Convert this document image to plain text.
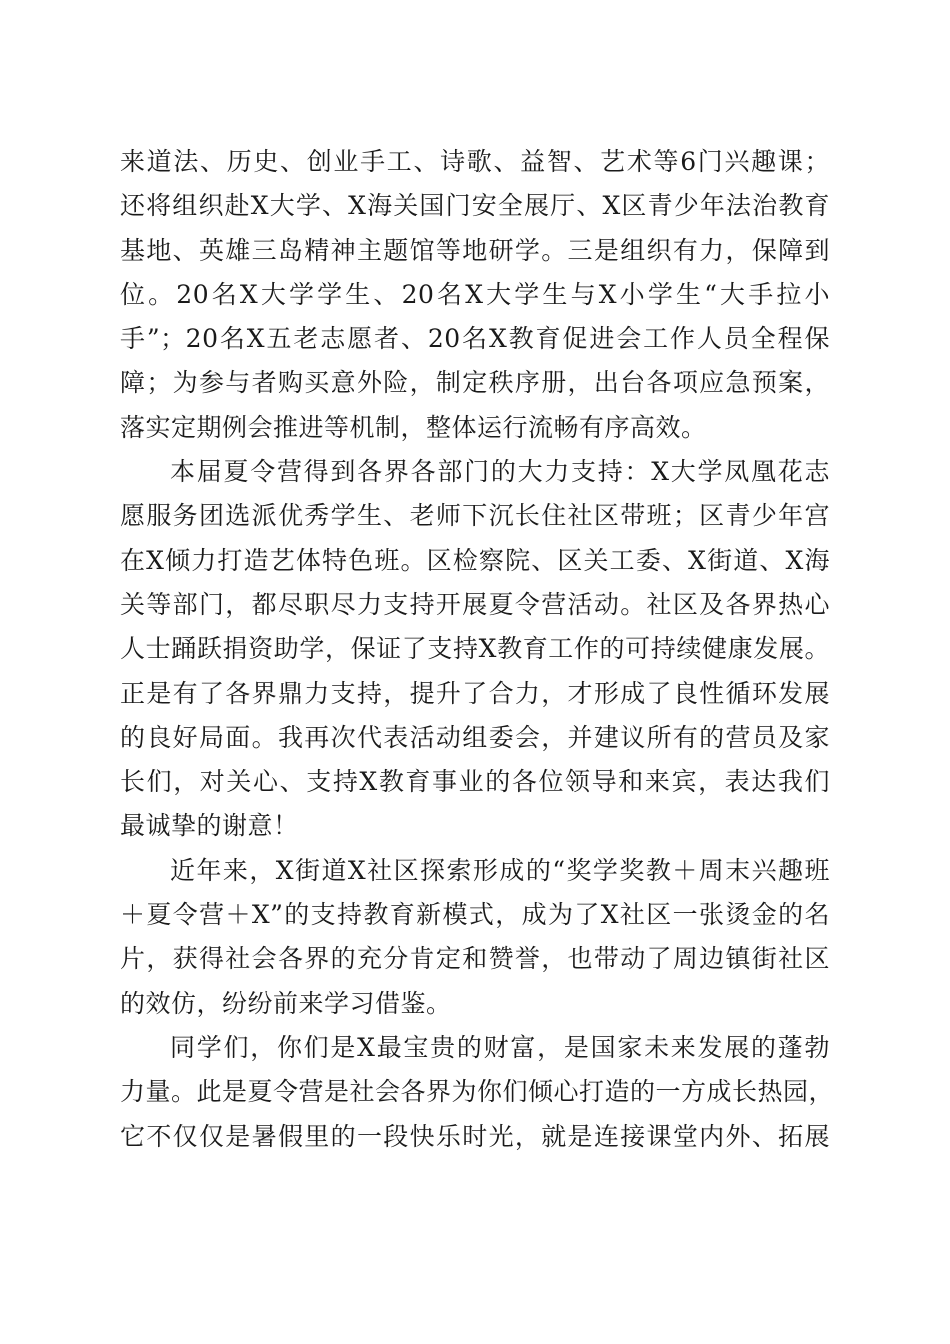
来道法、历史、创业手工、诗歌、益智、艺术等6门兴趣课；
还将组织赴X大学、X海关国门安全展厅、X区青少年法治教育
基地、英雄三岛精神主题馆等地研学。三是组织有力，保障到
位。20名X大学学生、20名X大学生与X小学生“大手拉小
手”；20名X五老志愿者、20名X教育促进会工作人员全程保
障；为参与者购买意外险，制定秩序册，出台各项应急预案，
落实定期例会推进等机制，整体运行流畅有序高效。
本届夏令营得到各界各部门的大力支持：X大学凤凰花志
愿服务团选派优秀学生、老师下沉长住社区带班；区青少年宫
在X倾力打造艺体特色班。区检察院、区关工委、X街道、X海
关等部门，都尽职尽力支持开展夏令营活动。社区及各界热心
人士踊跃捐资助学，保证了支持X教育工作的可持续健康发展。
正是有了各界鼎力支持，提升了合力，才形成了良性循环发展
的良好局面。我再次代表活动组委会，并建议所有的营员及家
长们，对关心、支持X教育事业的各位领导和来宾，表达我们
最诚挚的谢意！
近年来，X街道X社区探索形成的“奖学奖教＋周末兴趣班
＋夏令营＋X”的支持教育新模式，成为了X社区一张烫金的名
片，获得社会各界的充分肯定和赞誉，也带动了周边镇街社区
的效仿，纷纷前来学习借鉴。
同学们，你们是X最宝贵的财富，是国家未来发展的蓬勃
力量。此是夏令营是社会各界为你们倾心打造的一方成长热园，
它不仅仅是暑假里的一段快乐时光，就是连接课堂内外、拓展
